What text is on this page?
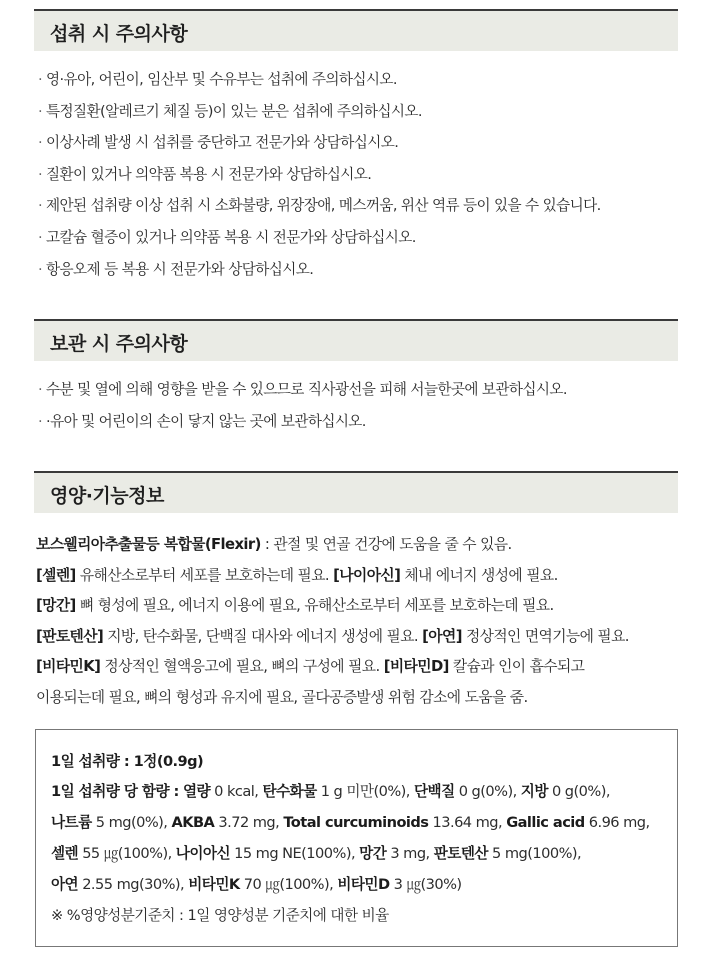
섭취 시 주의사항
· 영·유아, 어린이, 임산부 및 수유부는 섭취에 주의하십시오.
· 특정질환(알레르기 체질 등)이 있는 분은 섭취에 주의하십시오.
· 이상사례 발생 시 섭취를 중단하고 전문가와 상담하십시오.
· 질환이 있거나 의약품 복용 시 전문가와 상담하십시오.
· 제안된 섭취량 이상 섭취 시 소화불량, 위장장애, 메스꺼움, 위산 역류 등이 있을 수 있습니다.
· 고칼슘 혈증이 있거나 의약품 복용 시 전문가와 상담하십시오.
· 항응오제 등 복용 시 전문가와 상담하십시오.
보관 시 주의사항
· 수분 및 열에 의해 영향을 받을 수 있으므로 직사광선을 피해 서늘한곳에 보관하십시오.
· ·유아 및 어린이의 손이 닿지 않는 곳에 보관하십시오.
영양·기능정보
보스웰리아추출물등 복합물(Flexir) : 관절 및 연골 건강에 도움을 줄 수 있음.
[셀렌] 유해산소로부터 세포를 보호하는데 필요. [나이아신] 체내 에너지 생성에 필요.
[망간] 뼈 형성에 필요, 에너지 이용에 필요, 유해산소로부터 세포를 보호하는데 필요.
[판토텐산] 지방, 탄수화물, 단백질 대사와 에너지 생성에 필요. [아연] 정상적인 면역기능에 필요.
[비타민K] 정상적인 혈액응고에 필요, 뼈의 구성에 필요. [비타민D] 칼슘과 인이 흡수되고
이용되는데 필요, 뼈의 형성과 유지에 필요, 골다공증발생 위험 감소에 도움을 줌.
1일 섭취량 : 1정(0.9g)
1일 섭취량 당 함량 : 열량 0 kcal, 탄수화물 1 g 미만(0%), 단백질 0 g(0%), 지방 0 g(0%),
나트륨 5 mg(0%), AKBA 3.72 mg, Total curcuminoids 13.64 mg, Gallic acid 6.96 mg,
셀렌 55 ㎍(100%), 나이아신 15 mg NE(100%), 망간 3 mg, 판토텐산 5 mg(100%),
아연 2.55 mg(30%), 비타민K 70 ㎍(100%), 비타민D 3 ㎍(30%)
※ %영양성분기준치 : 1일 영양성분 기준치에 대한 비율
